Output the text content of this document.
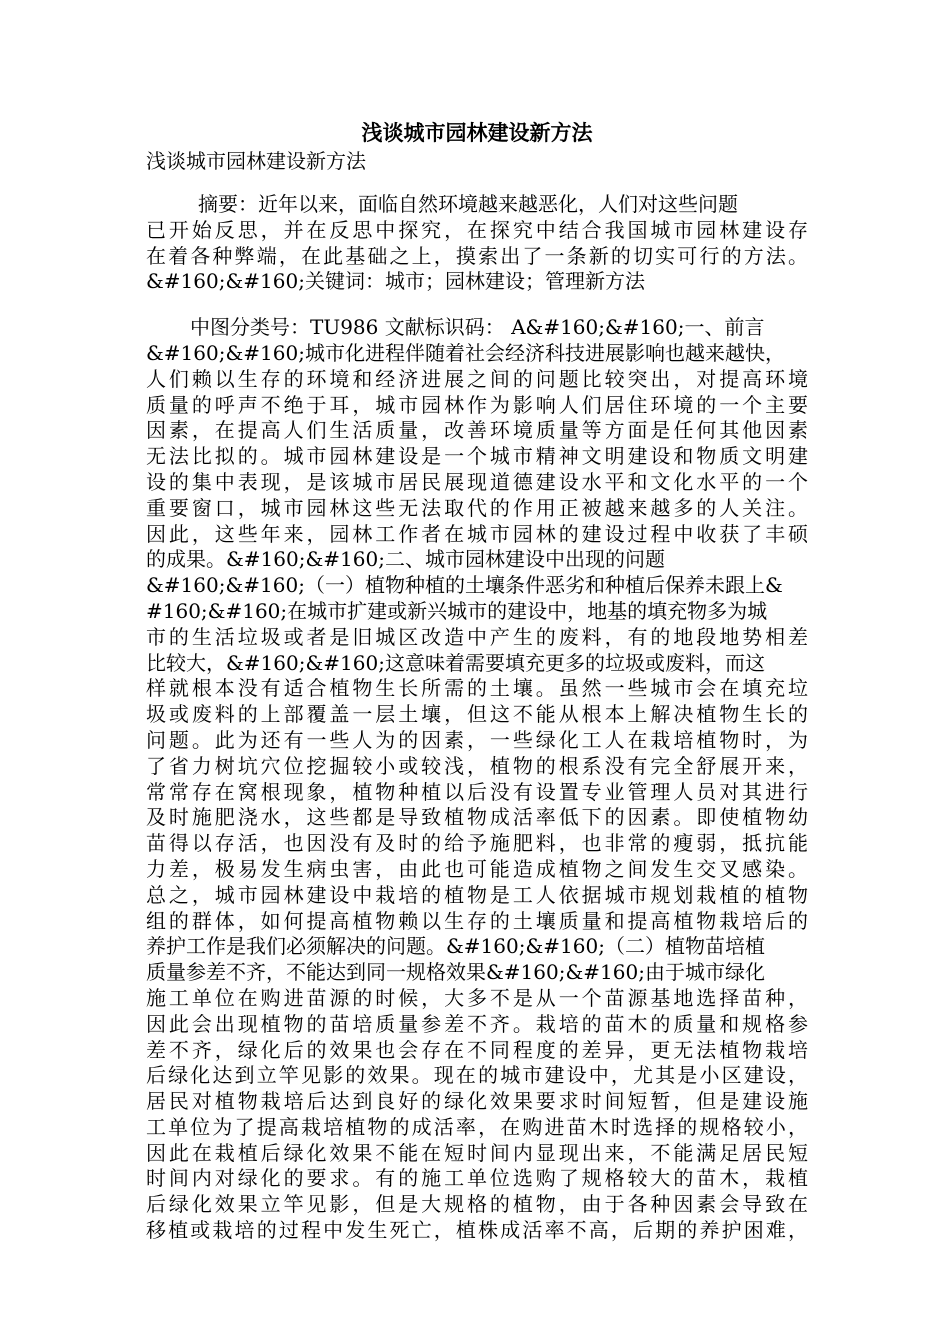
浅谈城市园林建设新方法
浅谈城市园林建设新方法
摘要：近年以来，面临自然环境越来越恶化，人们对这些问题
已开始反思，并在反思中探究，在探究中结合我国城市园林建设存
在着各种弊端，在此基础之上，摸索出了一条新的切实可行的方法。
&#160;&#160;关键词：城市；园林建设；管理新方法
中图分类号：TU986 文献标识码： A&#160;&#160;一、前言
&#160;&#160;城市化进程伴随着社会经济科技进展影响也越来越快，
人们赖以生存的环境和经济进展之间的问题比较突出，对提高环境
质量的呼声不绝于耳，城市园林作为影响人们居住环境的一个主要
因素，在提高人们生活质量，改善环境质量等方面是任何其他因素
无法比拟的。城市园林建设是一个城市精神文明建设和物质文明建
设的集中表现，是该城市居民展现道德建设水平和文化水平的一个
重要窗口，城市园林这些无法取代的作用正被越来越多的人关注。
因此，这些年来，园林工作者在城市园林的建设过程中收获了丰硕
的成果。&#160;&#160;二、城市园林建设中出现的问题
&#160;&#160;（一）植物种植的土壤条件恶劣和种植后保养未跟上&
#160;&#160;在城市扩建或新兴城市的建设中，地基的填充物多为城
市的生活垃圾或者是旧城区改造中产生的废料，有的地段地势相差
比较大，&#160;&#160;这意味着需要填充更多的垃圾或废料，而这
样就根本没有适合植物生长所需的土壤。虽然一些城市会在填充垃
圾或废料的上部覆盖一层土壤，但这不能从根本上解决植物生长的
问题。此为还有一些人为的因素，一些绿化工人在栽培植物时，为
了省力树坑穴位挖掘较小或较浅，植物的根系没有完全舒展开来，
常常存在窝根现象，植物种植以后没有设置专业管理人员对其进行
及时施肥浇水，这些都是导致植物成活率低下的因素。即使植物幼
苗得以存活，也因没有及时的给予施肥料，也非常的瘦弱，抵抗能
力差，极易发生病虫害，由此也可能造成植物之间发生交叉感染。
总之，城市园林建设中栽培的植物是工人依据城市规划栽植的植物
组的群体，如何提高植物赖以生存的土壤质量和提高植物栽培后的
养护工作是我们必须解决的问题。&#160;&#160;（二）植物苗培植
质量参差不齐，不能达到同一规格效果&#160;&#160;由于城市绿化
施工单位在购进苗源的时候，大多不是从一个苗源基地选择苗种，
因此会出现植物的苗培质量参差不齐。栽培的苗木的质量和规格参
差不齐，绿化后的效果也会存在不同程度的差异，更无法植物栽培
后绿化达到立竿见影的效果。现在的城市建设中，尤其是小区建设，
居民对植物栽培后达到良好的绿化效果要求时间短暂，但是建设施
工单位为了提高栽培植物的成活率，在购进苗木时选择的规格较小，
因此在栽植后绿化效果不能在短时间内显现出来，不能满足居民短
时间内对绿化的要求。有的施工单位选购了规格较大的苗木，栽植
后绿化效果立竿见影，但是大规格的植物，由于各种因素会导致在
移植或栽培的过程中发生死亡，植株成活率不高，后期的养护困难，
